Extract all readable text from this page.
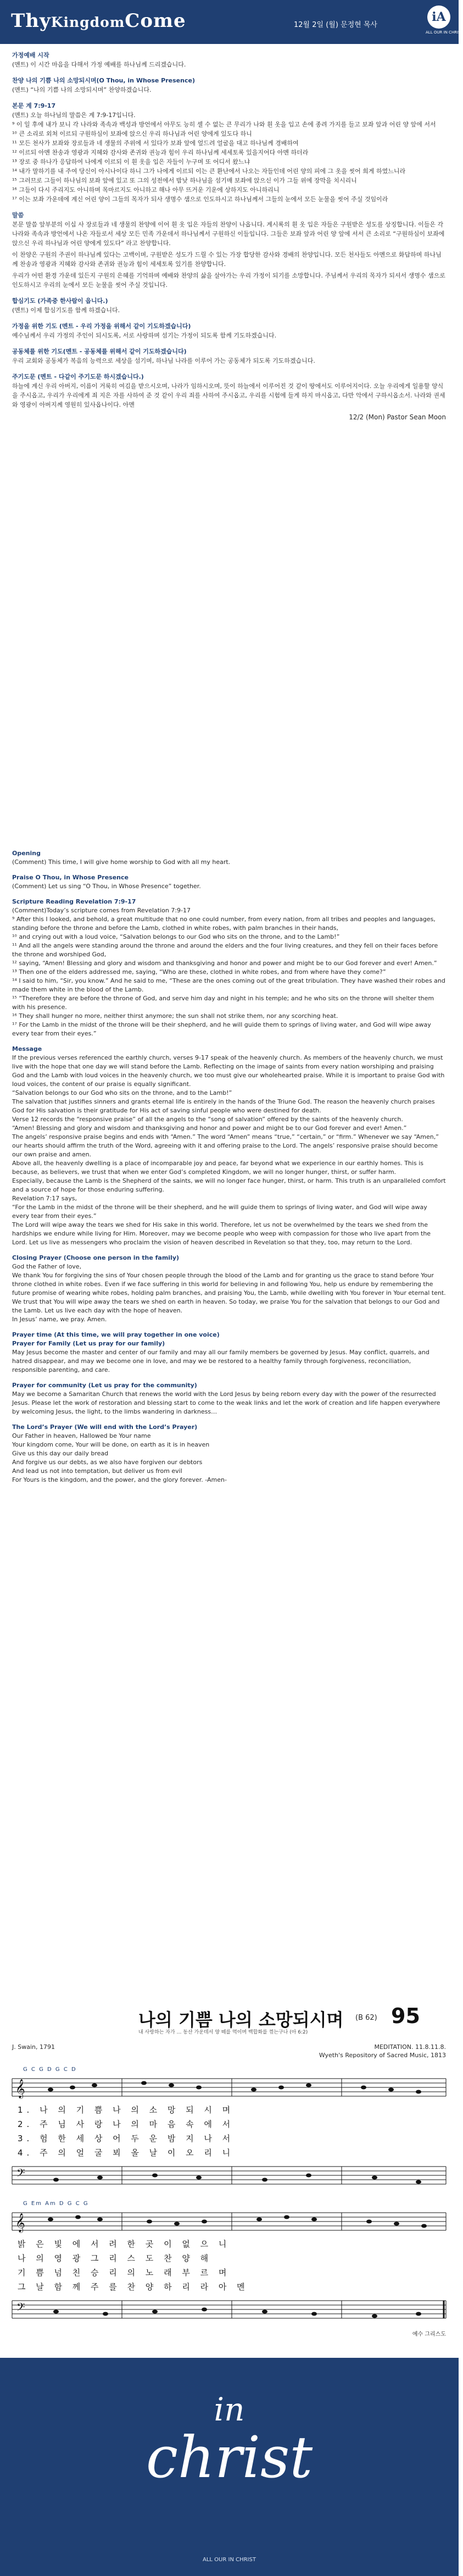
ThyKingdomCome	12월 2일 (월) 문정현 목사
iA
ALL OUR IN CHRIST

가정예배 시작

(멘트) 이 시간 마음을 다해서 가정 예배를 하나님께 드리겠습니다.

찬양 나의 기쁨 나의 소망되시며(O Thou, in Whose Presence)

(멘트) “나의 기쁨 나의 소망되시며” 찬양하겠습니다.

본문 계 7:9-17

(멘트) 오늘 하나님의 말씀은 계 7:9-17입니다.

⁹ 이 일 후에 내가 보니 각 나라와 족속과 백성과 방언에서 아무도 능히 셀 수 없는 큰 무리가 나와 흰 옷을 입고 손에 종려 가지를 들고 보좌 앞과 어린 양 앞에 서서

¹⁰ 큰 소리로 외쳐 이르되 구원하심이 보좌에 앉으신 우리 하나님과 어린 양에게 있도다 하니

¹¹ 모든 천사가 보좌와 장로들과 네 생물의 주위에 서 있다가 보좌 앞에 엎드려 얼굴을 대고 하나님께 경배하여

¹² 이르되 아멘 찬송과 영광과 지혜와 감사와 존귀와 권능과 힘이 우리 하나님께 세세토록 있을지어다 아멘 하더라

¹³ 장로 중 하나가 응답하여 나에게 이르되 이 흰 옷을 입은 자들이 누구며 또 어디서 왔느냐

¹⁴ 내가 말하기를 내 주여 당신이 아시나이다 하니 그가 나에게 이르되 이는 큰 환난에서 나오는 자들인데 어린 양의 피에 그 옷을 씻어 희게 하였느니라

¹⁵ 그러므로 그들이 하나님의 보좌 앞에 있고 또 그의 성전에서 밤낮 하나님을 섬기매 보좌에 앉으신 이가 그들 위에 장막을 치시리니

¹⁶ 그들이 다시 주리지도 아니하며 목마르지도 아니하고 해나 아무 뜨거운 기운에 상하지도 아니하리니

¹⁷ 이는 보좌 가운데에 계신 어린 양이 그들의 목자가 되사 생명수 샘으로 인도하시고 하나님께서 그들의 눈에서 모든 눈물을 씻어 주실 것임이라

말씀

본문 말씀 앞부분의 이십 사 장로들과 네 생물의 찬양에 이어 흰 옷 입은 자들의 찬양이 나옵니다. 계시록의 흰 옷 입은 자들은 구원받은 성도를 상징합니다. 이들은 각 나라와 족속과 방언에서 나온 자들로서 세상 모든 민족 가운데서 하나님께서 구원하신 이들입니다. 그들은 보좌 앞과 어린 양 앞에 서서 큰 소리로 “구원하심이 보좌에 앉으신 우리 하나님과 어린 양에게 있도다” 라고 찬양합니다.

이 찬양은 구원의 주권이 하나님께 있다는 고백이며, 구원받은 성도가 드릴 수 있는 가장 합당한 감사와 경배의 찬양입니다. 모든 천사들도 아멘으로 화답하며 하나님께 찬송과 영광과 지혜와 감사와 존귀와 권능과 힘이 세세토록 있기를 찬양합니다.

우리가 어떤 환경 가운데 있든지 구원의 은혜를 기억하며 예배와 찬양의 삶을 살아가는 우리 가정이 되기를 소망합니다. 주님께서 우리의 목자가 되셔서 생명수 샘으로 인도하시고 우리의 눈에서 모든 눈물을 씻어 주실 것입니다.

합심기도 (가족중 한사람이 읍니다.)

(멘트) 이제 합심기도를 함께 하겠습니다.

가정을 위한 기도 (멘트 - 우리 가정을 위해서 같이 기도하겠습니다)

예수님께서 우리 가정의 주인이 되시도록, 서로 사랑하며 섬기는 가정이 되도록 함께 기도하겠습니다.

공동체를 위한 기도(멘트 - 공동체를 위해서 같이 기도하겠습니다)

우리 교회와 공동체가 복음의 능력으로 세상을 섬기며, 하나님 나라를 이루어 가는 공동체가 되도록 기도하겠습니다.

주기도문 (멘트 - 다같이 주기도문 하시겠습니다.)

하늘에 계신 우리 아버지, 이름이 거룩히 여김을 받으시오며, 나라가 임하시오며, 뜻이 하늘에서 이루어진 것 같이 땅에서도 이루어지이다. 오늘 우리에게 일용할 양식을 주시옵고, 우리가 우리에게 죄 지은 자를 사하여 준 것 같이 우리 죄를 사하여 주시옵고, 우리를 시험에 들게 하지 마시옵고, 다만 악에서 구하시옵소서. 나라와 권세와 영광이 아버지께 영원히 있사옵나이다. 아멘

12/2 (Mon) Pastor Sean Moon

Opening

(Comment) This time, I will give home worship to God with all my heart.

Praise O Thou, in Whose Presence

(Comment) Let us sing “O Thou, in Whose Presence” together.

Scripture Reading Revelation 7:9-17

(Comment)Today’s scripture comes from Revelation 7:9-17

⁹ After this I looked, and behold, a great multitude that no one could number, from every nation, from all tribes and peoples and languages, standing before the throne and before the Lamb, clothed in white robes, with palm branches in their hands,

¹⁰ and crying out with a loud voice, “Salvation belongs to our God who sits on the throne, and to the Lamb!”

¹¹ And all the angels were standing around the throne and around the elders and the four living creatures, and they fell on their faces before the throne and worshiped God,

¹² saying, “Amen! Blessing and glory and wisdom and thanksgiving and honor and power and might be to our God forever and ever! Amen.”

¹³ Then one of the elders addressed me, saying, “Who are these, clothed in white robes, and from where have they come?”

¹⁴ I said to him, “Sir, you know.” And he said to me, “These are the ones coming out of the great tribulation. They have washed their robes and made them white in the blood of the Lamb.

¹⁵ “Therefore they are before the throne of God, and serve him day and night in his temple; and he who sits on the throne will shelter them with his presence.

¹⁶ They shall hunger no more, neither thirst anymore; the sun shall not strike them, nor any scorching heat.

¹⁷ For the Lamb in the midst of the throne will be their shepherd, and he will guide them to springs of living water, and God will wipe away every tear from their eyes.”

Message

If the previous verses referenced the earthly church, verses 9-17 speak of the heavenly church. As members of the heavenly church, we must live with the hope that one day we will stand before the Lamb. Reflecting on the image of saints from every nation worshiping and praising God and the Lamb with loud voices in the heavenly church, we too must give our wholehearted praise. While it is important to praise God with loud voices, the content of our praise is equally significant.

“Salvation belongs to our God who sits on the throne, and to the Lamb!”

The salvation that justifies sinners and grants eternal life is entirely in the hands of the Triune God. The reason the heavenly church praises God for His salvation is their gratitude for His act of saving sinful people who were destined for death.

Verse 12 records the “responsive praise” of all the angels to the “song of salvation” offered by the saints of the heavenly church.

“Amen! Blessing and glory and wisdom and thanksgiving and honor and power and might be to our God forever and ever! Amen.”

The angels’ responsive praise begins and ends with “Amen.” The word “Amen” means “true,” “certain,” or “firm.” Whenever we say “Amen,” our hearts should affirm the truth of the Word, agreeing with it and offering praise to the Lord. The angels’ responsive praise should become our own praise and amen.

Above all, the heavenly dwelling is a place of incomparable joy and peace, far beyond what we experience in our earthly homes. This is because, as believers, we trust that when we enter God’s completed Kingdom, we will no longer hunger, thirst, or suffer harm.

Especially, because the Lamb is the Shepherd of the saints, we will no longer face hunger, thirst, or harm. This truth is an unparalleled comfort and a source of hope for those enduring suffering.

Revelation 7:17 says,

“For the Lamb in the midst of the throne will be their shepherd, and he will guide them to springs of living water, and God will wipe away every tear from their eyes.”

The Lord will wipe away the tears we shed for His sake in this world. Therefore, let us not be overwhelmed by the tears we shed from the hardships we endure while living for Him. Moreover, may we become people who weep with compassion for those who live apart from the Lord. Let us live as messengers who proclaim the vision of heaven described in Revelation so that they, too, may return to the Lord.

Closing Prayer (Choose one person in the family)

God the Father of love,

We thank You for forgiving the sins of Your chosen people through the blood of the Lamb and for granting us the grace to stand before Your throne clothed in white robes. Even if we face suffering in this world for believing in and following You, help us endure by remembering the future promise of wearing white robes, holding palm branches, and praising You, the Lamb, while dwelling with You forever in Your eternal tent.

We trust that You will wipe away the tears we shed on earth in heaven. So today, we praise You for the salvation that belongs to our God and the Lamb. Let us live each day with the hope of heaven.

In Jesus’ name, we pray. Amen.

Prayer time (At this time, we will pray together in one voice)

Prayer for Family (Let us pray for our family)

May Jesus become the master and center of our family and may all our family members be governed by Jesus. May conflict, quarrels, and hatred disappear, and may we become one in love, and may we be restored to a healthy family through forgiveness, reconciliation, responsible parenting, and care.

Prayer for community (Let us pray for the community)

May we become a Samaritan Church that renews the world with the Lord Jesus by being reborn every day with the power of the resurrected Jesus. Please let the work of restoration and blessing start to come to the weak links and let the work of creation and life happen everywhere by welcoming Jesus, the light, to the limbs wandering in darkness…

The Lord’s Prayer (We will end with the Lord’s Prayer)

Our Father in heaven, Hallowed be Your name

Your kingdom come, Your will be done, on earth as it is in heaven

Give us this day our daily bread

And forgive us our debts, as we also have forgiven our debtors

And lead us not into temptation, but deliver us from evil

For Yours is the kingdom, and the power, and the glory forever. -Amen-

나의 기쁨 나의 소망되시며 (B 62) 95
내 사랑하는 자가 … 동산 가운데서 양 떼를 먹이며 백합화를 꺾는구나 (아 6:2)
J. Swain, 1791	MEDITATION. 11.8.11.8.
Wyeth's Repository of Sacred Music, 1813
G C G D G C D
𝄞
1. 나 의 기 쁨 나 의 소 망 되 시 며
2. 주 님 사 랑 나 의 마 음 속 에 서
3. 험 한 세 상 어 두 운 밤 지 나 서
4. 주 의 얼 굴 뵈 올 날 이 오 리 니
𝄢
G Em Am D G C G
𝄞
밝 은 빛 에 서 려 한 곳 이 없 으 니
나 의 영 광 그 리 스 도 찬 양 해
기 쁨 넘 친 승 리 의 노 래 부 르 며
그 날 함 께 주 를 찬 양 하 리 라 아 멘
𝄢
예수 그리스도
in
christ
ALL OUR IN CHRIST
